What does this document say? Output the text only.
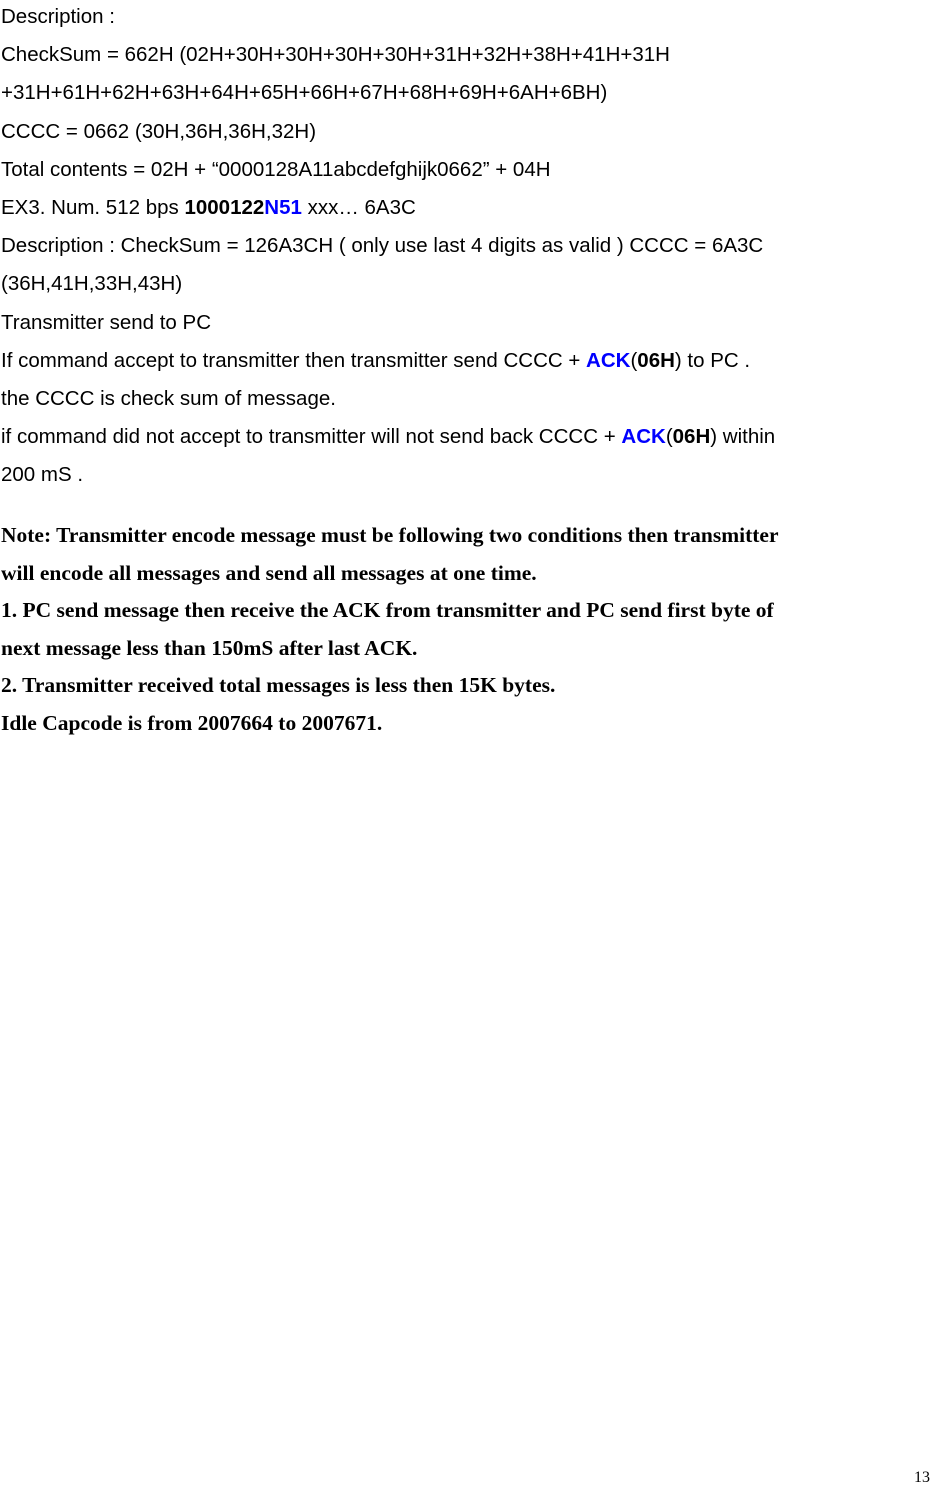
Description :
CheckSum = 662H (02H+30H+30H+30H+30H+31H+32H+38H+41H+31H
+31H+61H+62H+63H+64H+65H+66H+67H+68H+69H+6AH+6BH)
CCCC = 0662 (30H,36H,36H,32H)
Total contents = 02H + “0000128A11abcdefghijk0662” + 04H
EX3. Num. 512 bps 1000122N51 xxx… 6A3C
Description : CheckSum = 126A3CH ( only use last 4 digits as valid ) CCCC = 6A3C
(36H,41H,33H,43H)
Transmitter send to PC
If command accept to transmitter then transmitter send CCCC + ACK(06H) to PC .
the CCCC is check sum of message.
if command did not accept to transmitter will not send back CCCC + ACK(06H) within
200 mS .
Note: Transmitter encode message must be following two conditions then transmitter
will encode all messages and send all messages at one time.
1. PC send message then receive the ACK from transmitter and PC send first byte of
next message less than 150mS after last ACK.
2. Transmitter received total messages is less then 15K bytes.
Idle Capcode is from 2007664 to 2007671.
13
